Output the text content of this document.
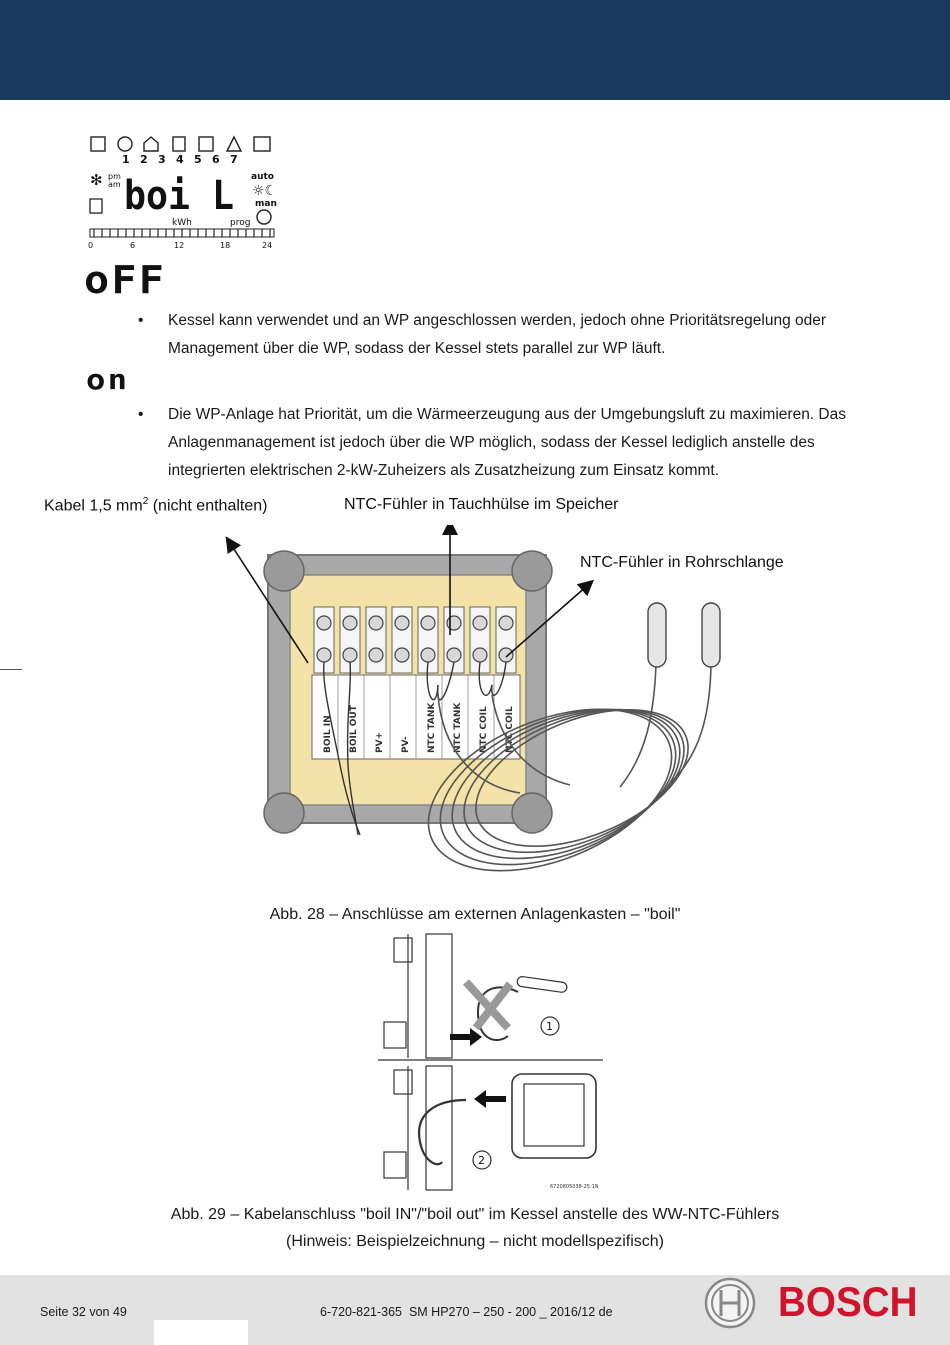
1 2 3 4 5 6 7
✻ pm
am boi L auto
☼☾
man
kWh	prog
0	6	12	18	24
oFF
• Kessel kann verwendet und an WP angeschlossen werden, jedoch ohne Prioritätsregelung oder Management über die WP, sodass der Kessel stets parallel zur WP läuft.
on
• Die WP-Anlage hat Priorität, um die Wärmeerzeugung aus der Umgebungsluft zu maximieren. Das Anlagenmanagement ist jedoch über die WP möglich, sodass der Kessel lediglich anstelle des integrierten elektrischen 2-kW-Zuheizers als Zusatzheizung zum Einsatz kommt.
Kabel 1,5 $mm^2$ (nicht enthalten)	NTC-Fühler in Tauchhülse im Speicher
NTC-Fühler in Rohrschlange
BOIL IN BOIL OUT PV+ PV- NTC TANK NTC TANK NTC COIL NTC COIL
Abb. 28 – Anschlüsse am externen Anlagenkasten – "boil"
1
2
6720805038-25.1N
Abb. 29 – Kabelanschluss "boil IN"/"boil out" im Kessel anstelle des WW-NTC-Fühlers
(Hinweis: Beispielzeichnung – nicht modellspezifisch)
Seite 32 von 49	6-720-821-365  SM HP270 – 250 - 200 _ 2016/12 de	BOSCH
